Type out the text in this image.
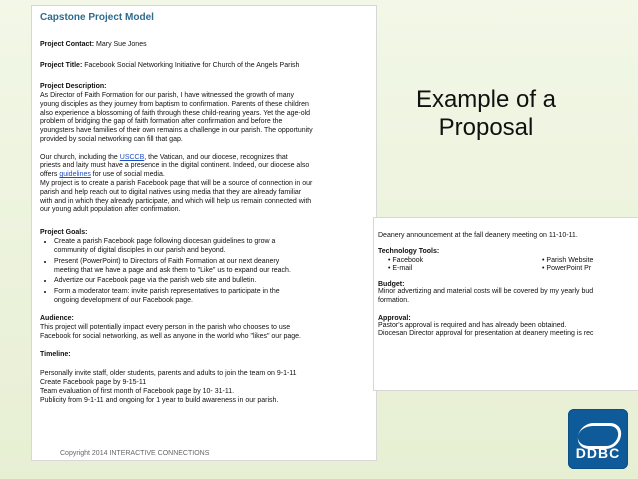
Capstone Project Model
Project Contact: Mary Sue Jones
Project Title: Facebook Social Networking Initiative for Church of the Angels Parish
Project Description:

As Director of Faith Formation for our parish, I have witnessed the growth of many
young disciples as they journey from baptism to confirmation. Parents of these children
also experience a blossoming of faith through these child-rearing years. Yet the age-old
problem of bridging the gap of faith formation after confirmation and before the
youngsters have families of their own remains a challenge in our parish. The opportunity
provided by social networking can fill that gap.

Our church, including the USCCB, the Vatican, and our diocese, recognizes that
priests and laity must have a presence in the digital continent. Indeed, our diocese also
offers guidelines for use of social media.

My project is to create a parish Facebook page that will be a source of connection in our
parish and help reach out to digital natives using media that they are already familiar
with and in which they already participate, and which will help us remain connected with
our young adult population after confirmation.

Project Goals:
• Create a parish Facebook page following diocesan guidelines to grow a
community of digital disciples in our parish and beyond.
• Present (PowerPoint) to Directors of Faith Formation at our next deanery
meeting that we have a page and ask them to "Like" us to expand our reach.
• Advertize our Facebook page via the parish web site and bulletin.
• Form a moderator team: invite parish representatives to participate in the
ongoing development of our Facebook page.
Audience:

This project will potentially impact every person in the parish who chooses to use
Facebook for social networking, as well as anyone in the world who "likes" our page.

Timeline:

Personally invite staff, older students, parents and adults to join the team on 9-1-11
Create Facebook page by 9-15-11
Team evaluation of first month of Facebook page by 10- 31-11.
Publicity from 9-1-11 and ongoing for 1 year to build awareness in our parish.

Copyright 2014 INTERACTIVE CONNECTIONS
Example of a
Proposal
Deanery announcement at the fall deanery meeting on 11-10-11.
Technology Tools:
• Facebook	• Parish Website
• E-mail	• PowerPoint Pr
Budget:
Minor advertizing and material costs will be covered by my yearly bud
formation.
Approval:
Pastor's approval is required and has already been obtained.
Diocesan Director approval for presentation at deanery meeting is rec
DDBC
